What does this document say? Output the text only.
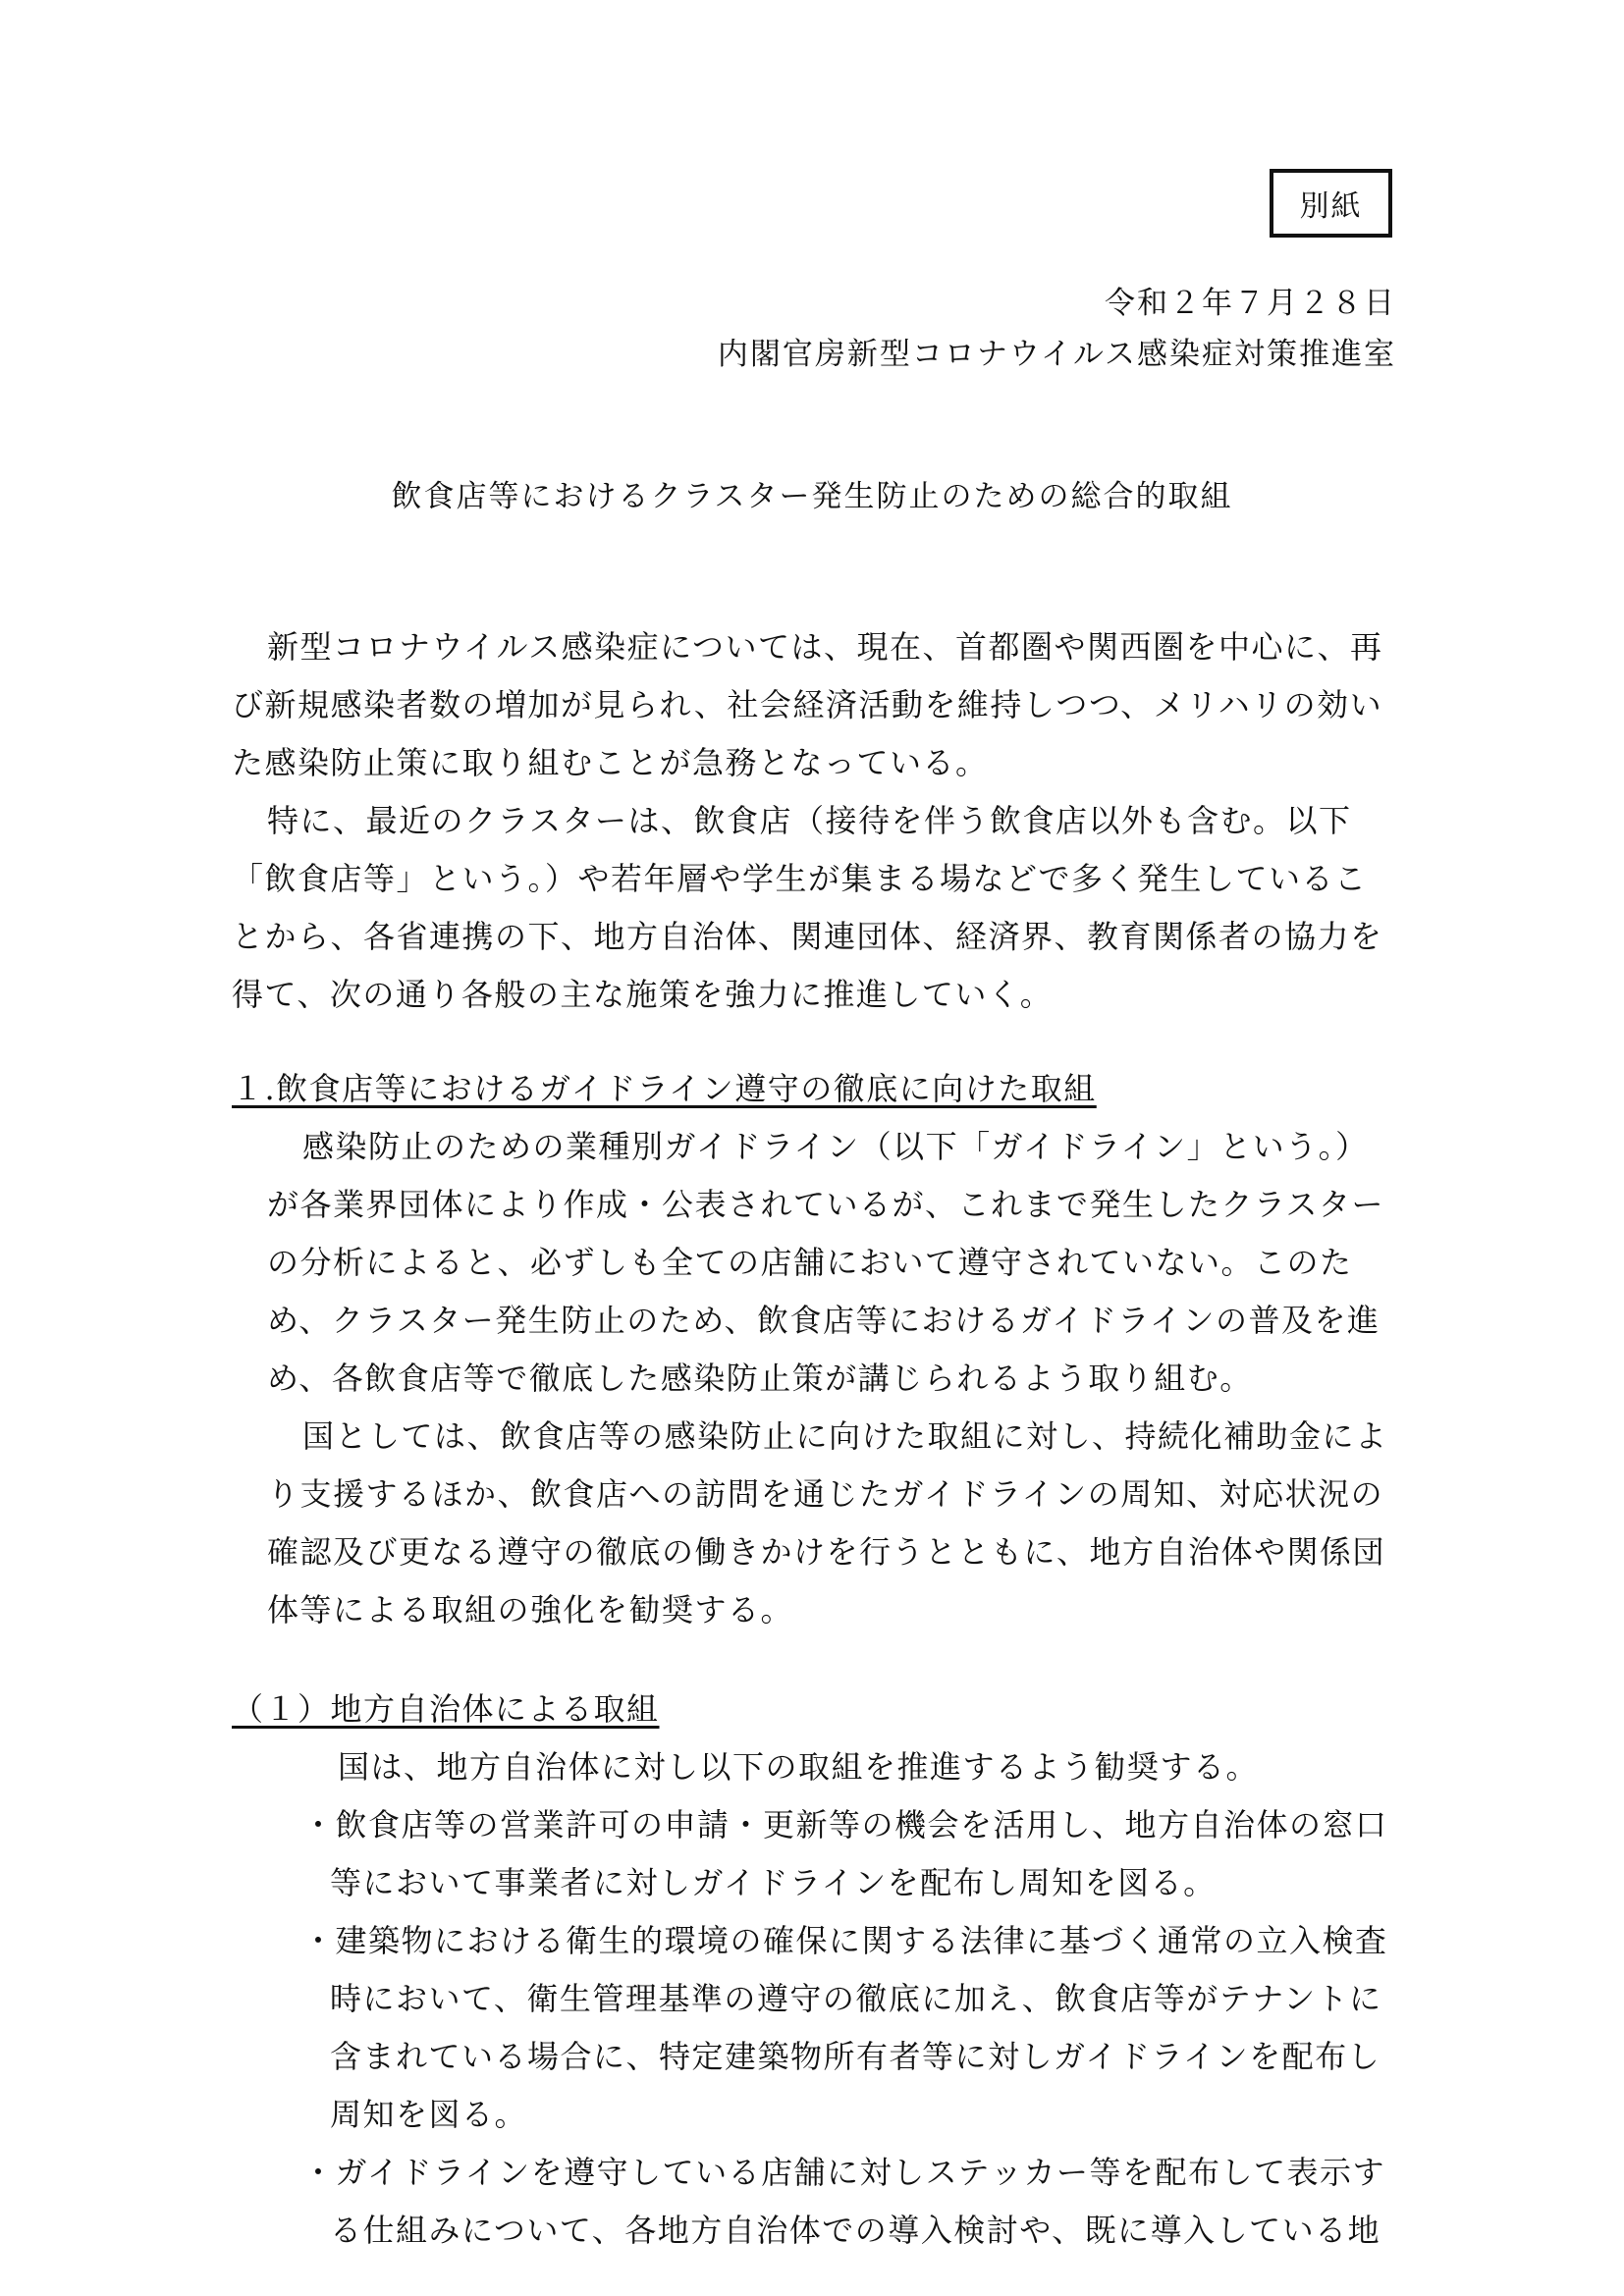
別紙
令和２年７月２８日
内閣官房新型コロナウイルス感染症対策推進室
飲食店等におけるクラスター発生防止のための総合的取組
新型コロナウイルス感染症については、現在、首都圏や関西圏を中心に、再
び新規感染者数の増加が見られ、社会経済活動を維持しつつ、メリハリの効い
た感染防止策に取り組むことが急務となっている。
特に、最近のクラスターは、飲食店（接待を伴う飲食店以外も含む。以下
「飲食店等」という。）や若年層や学生が集まる場などで多く発生しているこ
とから、各省連携の下、地方自治体、関連団体、経済界、教育関係者の協力を
得て、次の通り各般の主な施策を強力に推進していく。
１.飲食店等におけるガイドライン遵守の徹底に向けた取組
感染防止のための業種別ガイドライン（以下「ガイドライン」という。）
が各業界団体により作成・公表されているが、これまで発生したクラスター
の分析によると、必ずしも全ての店舗において遵守されていない。このた
め、クラスター発生防止のため、飲食店等におけるガイドラインの普及を進
め、各飲食店等で徹底した感染防止策が講じられるよう取り組む。
国としては、飲食店等の感染防止に向けた取組に対し、持続化補助金によ
り支援するほか、飲食店への訪問を通じたガイドラインの周知、対応状況の
確認及び更なる遵守の徹底の働きかけを行うとともに、地方自治体や関係団
体等による取組の強化を勧奨する。
（１）地方自治体による取組
国は、地方自治体に対し以下の取組を推進するよう勧奨する。
・飲食店等の営業許可の申請・更新等の機会を活用し、地方自治体の窓口
等において事業者に対しガイドラインを配布し周知を図る。
・建築物における衛生的環境の確保に関する法律に基づく通常の立入検査
時において、衛生管理基準の遵守の徹底に加え、飲食店等がテナントに
含まれている場合に、特定建築物所有者等に対しガイドラインを配布し
周知を図る。
・ガイドラインを遵守している店舗に対しステッカー等を配布して表示す
る仕組みについて、各地方自治体での導入検討や、既に導入している地
